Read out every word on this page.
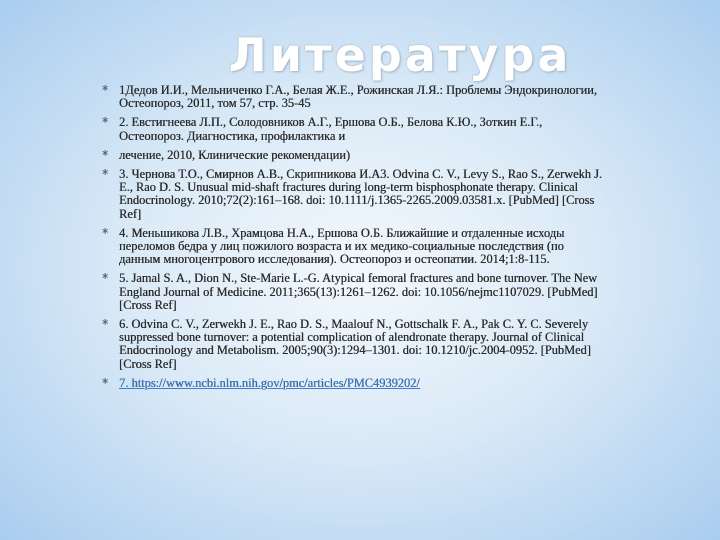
Литература
* 1Дедов И.И., Мельниченко Г.А., Белая Ж.Е., Рожинская Л.Я.: Проблемы Эндокринологии, Остеопороз, 2011, том 57, стр. 35-45
* 2. Евстигнеева Л.П., Солодовников А.Г., Ершова О.Б., Белова К.Ю., Зоткин Е.Г., Остеопороз. Диагностика, профилактика и
* лечение, 2010, Клинические рекомендации)
* 3. Чернова Т.О., Смирнов А.В., Скрипникова И.А3. Odvina C. V., Levy S., Rao S., Zerwekh J. E., Rao D. S. Unusual mid-shaft fractures during long-term bisphosphonate therapy. Clinical Endocrinology. 2010;72(2):161–168. doi: 10.1111/j.1365-2265.2009.03581.x. [PubMed] [Cross Ref]
* 4. Меньшикова Л.В., Храмцова Н.А., Ершова О.Б. Ближайшие и отдаленные исходы переломов бедра у лиц пожилого возраста и их медико-социальные последствия (по данным многоцентрового исследования). Остеопороз и остеопатии. 2014;1:8-115.
* 5. Jamal S. A., Dion N., Ste-Marie L.-G. Atypical femoral fractures and bone turnover. The New England Journal of Medicine. 2011;365(13):1261–1262. doi: 10.1056/nejmc1107029. [PubMed] [Cross Ref]
* 6. Odvina C. V., Zerwekh J. E., Rao D. S., Maalouf N., Gottschalk F. A., Pak C. Y. C. Severely suppressed bone turnover: a potential complication of alendronate therapy. Journal of Clinical Endocrinology and Metabolism. 2005;90(3):1294–1301. doi: 10.1210/jc.2004-0952. [PubMed] [Cross Ref]
* 7. https://www.ncbi.nlm.nih.gov/pmc/articles/PMC4939202/
